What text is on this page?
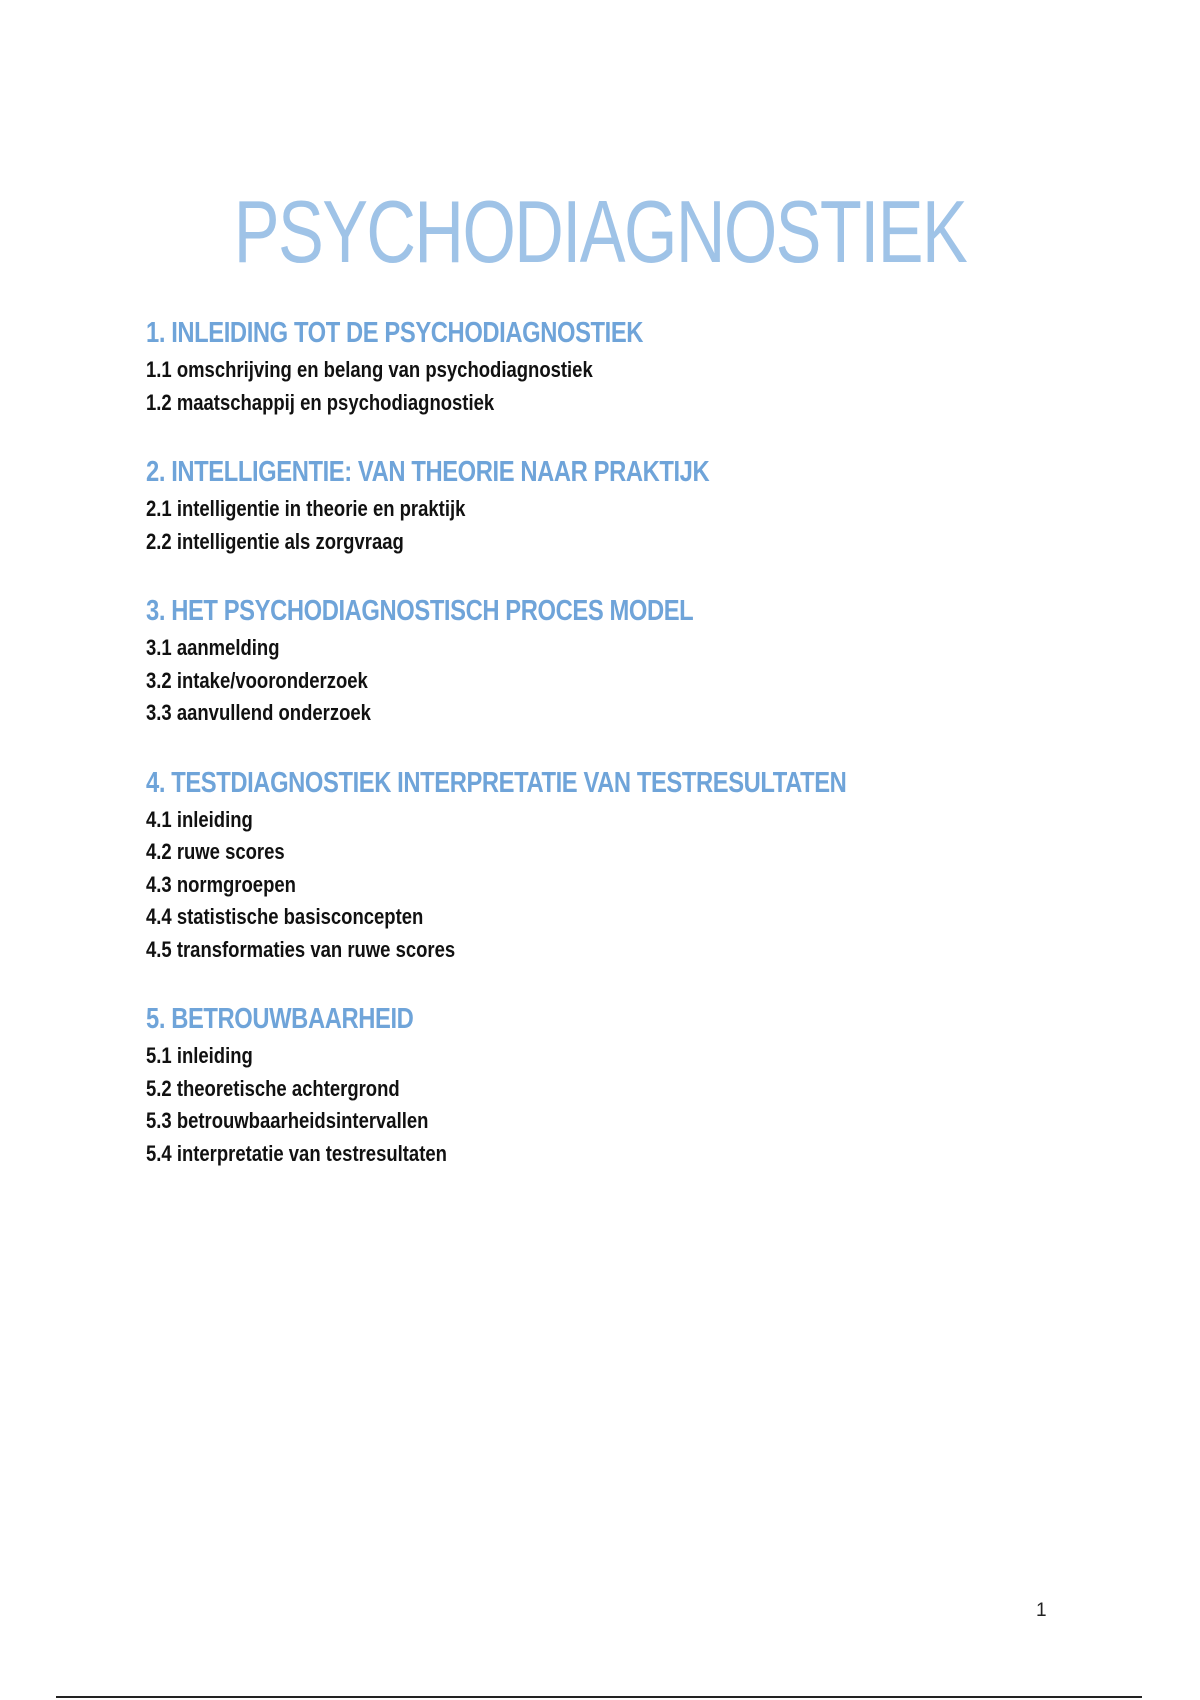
PSYCHODIAGNOSTIEK
1. INLEIDING TOT DE PSYCHODIAGNOSTIEK
1.1 omschrijving en belang van psychodiagnostiek
1.2 maatschappij en psychodiagnostiek
2. INTELLIGENTIE: VAN THEORIE NAAR PRAKTIJK
2.1 intelligentie in theorie en praktijk
2.2 intelligentie als zorgvraag
3. HET PSYCHODIAGNOSTISCH PROCES MODEL
3.1 aanmelding
3.2 intake/vooronderzoek
3.3 aanvullend onderzoek
4. TESTDIAGNOSTIEK INTERPRETATIE VAN TESTRESULTATEN
4.1 inleiding
4.2 ruwe scores
4.3 normgroepen
4.4 statistische basisconcepten
4.5 transformaties van ruwe scores
5. BETROUWBAARHEID
5.1 inleiding
5.2 theoretische achtergrond
5.3 betrouwbaarheidsintervallen
5.4 interpretatie van testresultaten
1
